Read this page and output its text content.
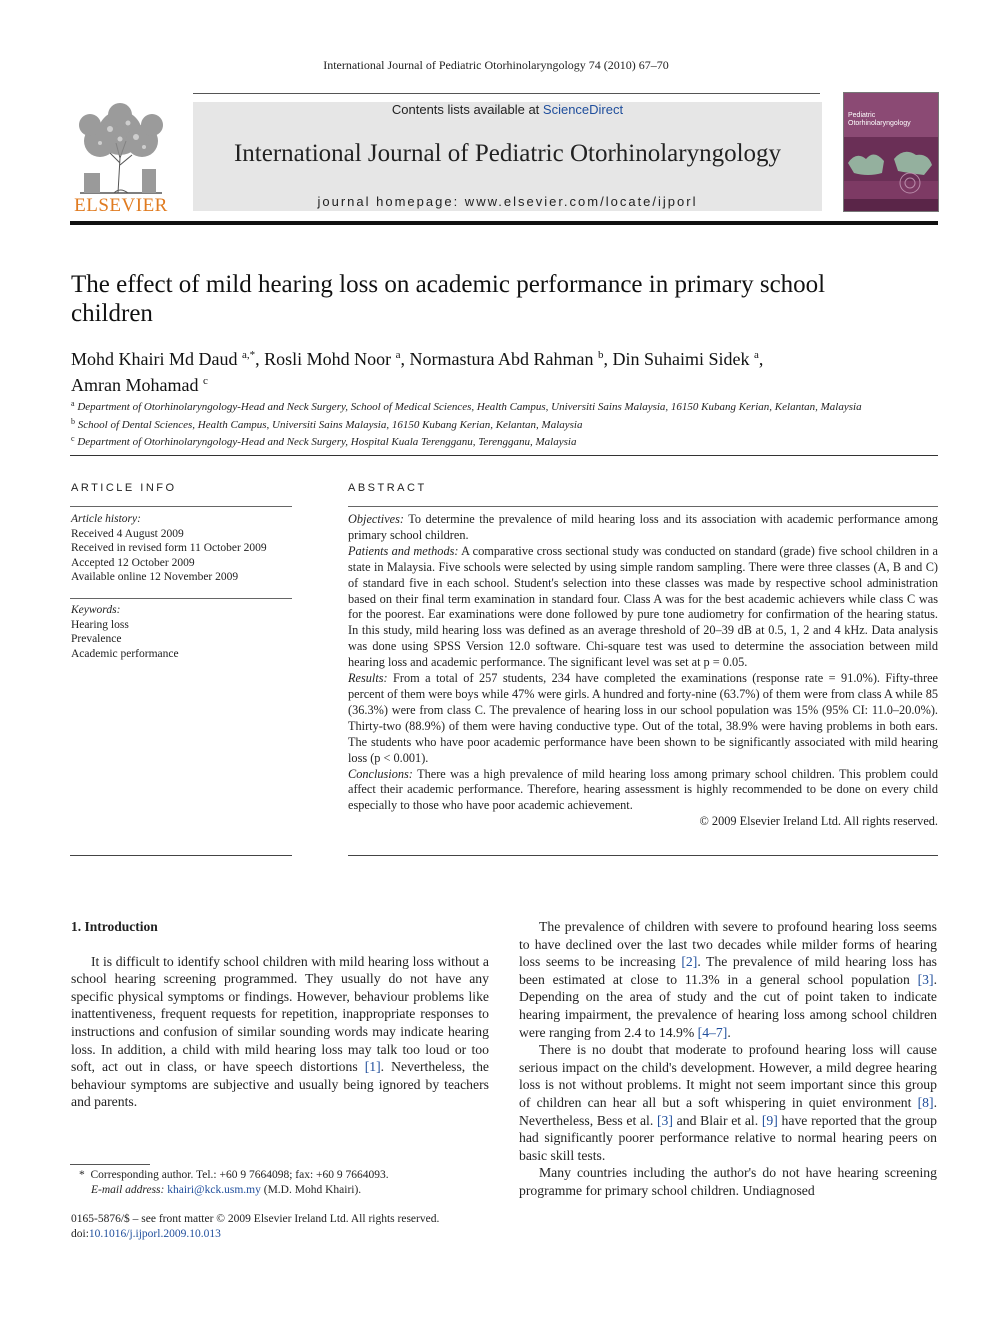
International Journal of Pediatric Otorhinolaryngology 74 (2010) 67–70
ELSEVIER
Contents lists available at ScienceDirect
International Journal of Pediatric Otorhinolaryngology
journal homepage: www.elsevier.com/locate/ijporl
Pediatric Otorhinolaryngology
The effect of mild hearing loss on academic performance in primary school children
Mohd Khairi Md Daud $^{a,*}$, Rosli Mohd Noor $^a$, Normastura Abd Rahman $^b$, Din Suhaimi Sidek $^a$,
Amran Mohamad $^c$
$^a$ Department of Otorhinolaryngology-Head and Neck Surgery, School of Medical Sciences, Health Campus, Universiti Sains Malaysia, 16150 Kubang Kerian, Kelantan, Malaysia
$^b$ School of Dental Sciences, Health Campus, Universiti Sains Malaysia, 16150 Kubang Kerian, Kelantan, Malaysia
$^c$ Department of Otorhinolaryngology-Head and Neck Surgery, Hospital Kuala Terengganu, Terengganu, Malaysia
ARTICLE INFO
Article history:
Received 4 August 2009
Received in revised form 11 October 2009
Accepted 12 October 2009
Available online 12 November 2009
Keywords:
Hearing loss
Prevalence
Academic performance
ABSTRACT

Objectives: To determine the prevalence of mild hearing loss and its association with academic performance among primary school children.

Patients and methods: A comparative cross sectional study was conducted on standard (grade) five school children in a state in Malaysia. Five schools were selected by using simple random sampling. There were three classes (A, B and C) of standard five in each school. Student's selection into these classes was made by respective school administration based on their final term examination in standard four. Class A was for the best academic achievers while class C was for the poorest. Ear examinations were done followed by pure tone audiometry for confirmation of the hearing status. In this study, mild hearing loss was defined as an average threshold of 20–39 dB at 0.5, 1, 2 and 4 kHz. Data analysis was done using SPSS Version 12.0 software. Chi-square test was used to determine the association between mild hearing loss and academic performance. The significant level was set at p = 0.05.

Results: From a total of 257 students, 234 have completed the examinations (response rate = 91.0%). Fifty-three percent of them were boys while 47% were girls. A hundred and forty-nine (63.7%) of them were from class A while 85 (36.3%) were from class C. The prevalence of hearing loss in our school population was 15% (95% CI: 11.0–20.0%). Thirty-two (88.9%) of them were having conductive type. Out of the total, 38.9% were having problems in both ears. The students who have poor academic performance have been shown to be significantly associated with mild hearing loss (p < 0.001).

Conclusions: There was a high prevalence of mild hearing loss among primary school children. This problem could affect their academic performance. Therefore, hearing assessment is highly recommended to be done on every child especially to those who have poor academic achievement.

© 2009 Elsevier Ireland Ltd. All rights reserved.

1. Introduction

It is difficult to identify school children with mild hearing loss without a school hearing screening programmed. They usually do not have any specific physical symptoms or findings. However, behaviour problems like inattentiveness, frequent requests for repetition, inappropriate responses to instructions and confusion of similar sounding words may indicate hearing loss. In addition, a child with mild hearing loss may talk too loud or too soft, act out in class, or have speech distortions [1]. Nevertheless, the behaviour symptoms are subjective and usually being ignored by teachers and parents.

* Corresponding author. Tel.: +60 9 7664098; fax: +60 9 7664093.
E-mail address: khairi@kck.usm.my (M.D. Mohd Khairi).
0165-5876/$ – see front matter © 2009 Elsevier Ireland Ltd. All rights reserved.
doi:10.1016/j.ijporl.2009.10.013

The prevalence of children with severe to profound hearing loss seems to have declined over the last two decades while milder forms of hearing loss seems to be increasing [2]. The prevalence of mild hearing loss has been estimated at close to 11.3% in a general school population [3]. Depending on the area of study and the cut of point taken to indicate hearing impairment, the prevalence of hearing loss among school children were ranging from 2.4 to 14.9% [4–7].

There is no doubt that moderate to profound hearing loss will cause serious impact on the child's development. However, a mild degree hearing loss is not without problems. It might not seem important since this group of children can hear all but a soft whispering in quiet environment [8]. Nevertheless, Bess et al. [3] and Blair et al. [9] have reported that the group had significantly poorer performance relative to normal hearing peers on basic skill tests.

Many countries including the author's do not have hearing screening programme for primary school children. Undiagnosed
